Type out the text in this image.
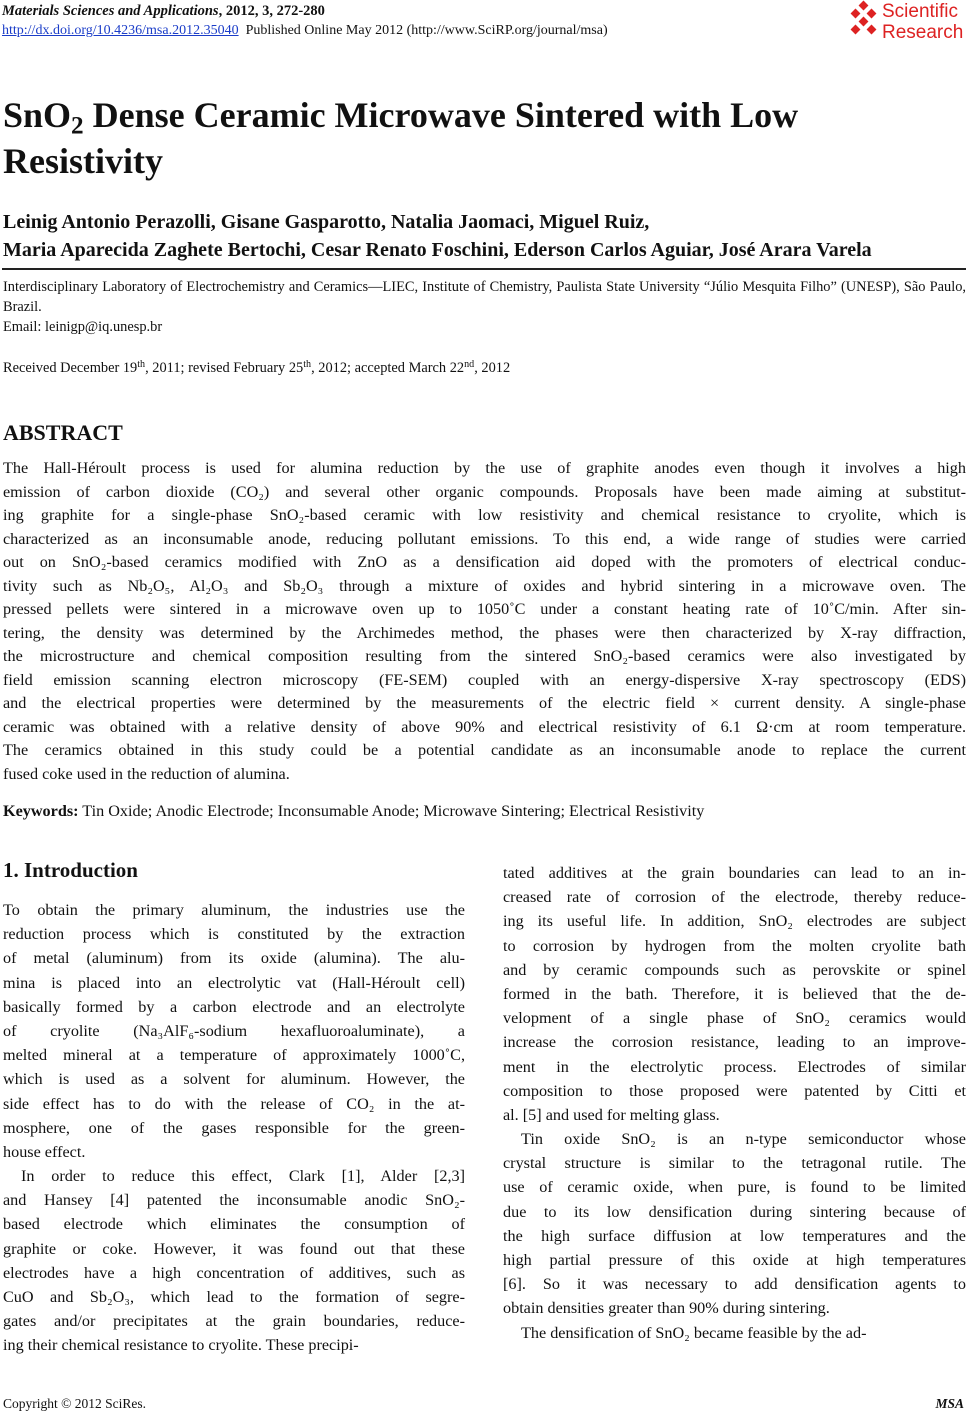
Materials Sciences and Applications, 2012, 3, 272-280
http://dx.doi.org/10.4236/msa.2012.35040 Published Online May 2012 (http://www.SciRP.org/journal/msa)
Scientific
Research
SnO$_2$ Dense Ceramic Microwave Sintered with Low
Resistivity
Leinig Antonio Perazolli, Gisane Gasparotto, Natalia Jaomaci, Miguel Ruiz,
Maria Aparecida Zaghete Bertochi, Cesar Renato Foschini, Ederson Carlos Aguiar, José Arara Varela
Interdisciplinary Laboratory of Electrochemistry and Ceramics—LIEC, Institute of Chemistry, Paulista State University “Júlio Mesquita Filho” (UNESP), São Paulo, Brazil.
Email: leinigp@iq.unesp.br
Received December 19th, 2011; revised February 25th, 2012; accepted March 22nd, 2012
ABSTRACT
The Hall-Héroult process is used for alumina reduction by the use of graphite anodes even though it involves a high
emission of carbon dioxide (CO₂) and several other organic compounds. Proposals have been made aiming at substitut-
ing graphite for a single-phase SnO₂-based ceramic with low resistivity and chemical resistance to cryolite, which is
characterized as an inconsumable anode, reducing pollutant emissions. To this end, a wide range of studies were carried
out on SnO₂-based ceramics modified with ZnO as a densification aid doped with the promoters of electrical conduc-
tivity such as Nb₂O₅, Al₂O₃ and Sb₂O₃ through a mixture of oxides and hybrid sintering in a microwave oven. The
pressed pellets were sintered in a microwave oven up to 1050˚C under a constant heating rate of 10˚C/min. After sin-
tering, the density was determined by the Archimedes method, the phases were then characterized by X-ray diffraction,
the microstructure and chemical composition resulting from the sintered SnO₂-based ceramics were also investigated by
field emission scanning electron microscopy (FE-SEM) coupled with an energy-dispersive X-ray spectroscopy (EDS)
and the electrical properties were determined by the measurements of the electric field × current density. A single-phase
ceramic was obtained with a relative density of above 90% and electrical resistivity of 6.1 Ω·cm at room temperature.
The ceramics obtained in this study could be a potential candidate as an inconsumable anode to replace the current
fused coke used in the reduction of alumina.
Keywords: Tin Oxide; Anodic Electrode; Inconsumable Anode; Microwave Sintering; Electrical Resistivity
1. Introduction
To obtain the primary aluminum, the industries use the
reduction process which is constituted by the extraction
of metal (aluminum) from its oxide (alumina). The alu-
mina is placed into an electrolytic vat (Hall-Héroult cell)
basically formed by a carbon electrode and an electrolyte
of cryolite (Na₃AlF₆-sodium hexafluoroaluminate), a
melted mineral at a temperature of approximately 1000˚C,
which is used as a solvent for aluminum. However, the
side effect has to do with the release of CO₂ in the at-
mosphere, one of the gases responsible for the green-
house effect.
In order to reduce this effect, Clark [1], Alder [2,3]
and Hansey [4] patented the inconsumable anodic SnO₂-
based electrode which eliminates the consumption of
graphite or coke. However, it was found out that these
electrodes have a high concentration of additives, such as
CuO and Sb₂O₃, which lead to the formation of segre-
gates and/or precipitates at the grain boundaries, reduce-
ing their chemical resistance to cryolite. These precipi-
tated additives at the grain boundaries can lead to an in-
creased rate of corrosion of the electrode, thereby reduce-
ing its useful life. In addition, SnO₂ electrodes are subject
to corrosion by hydrogen from the molten cryolite bath
and by ceramic compounds such as perovskite or spinel
formed in the bath. Therefore, it is believed that the de-
velopment of a single phase of SnO₂ ceramics would
increase the corrosion resistance, leading to an improve-
ment in the electrolytic process. Electrodes of similar
composition to those proposed were patented by Citti et
al. [5] and used for melting glass.
Tin oxide SnO₂ is an n-type semiconductor whose
crystal structure is similar to the tetragonal rutile. The
use of ceramic oxide, when pure, is found to be limited
due to its low densification during sintering because of
the high surface diffusion at low temperatures and the
high partial pressure of this oxide at high temperatures
[6]. So it was necessary to add densification agents to
obtain densities greater than 90% during sintering.
The densification of SnO₂ became feasible by the ad-
Copyright © 2012 SciRes.	MSA
